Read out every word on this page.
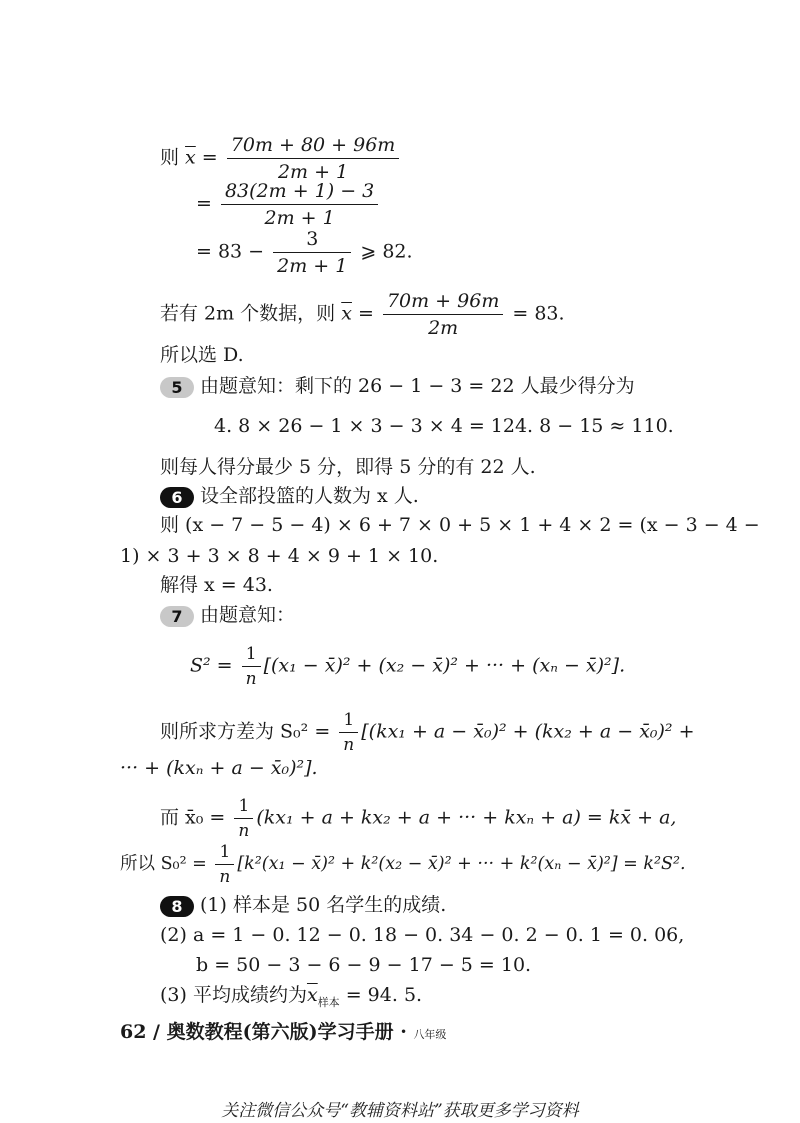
则 $\overline{x} = \frac{70m + 80 + 96m}{2m + 1}$
= $\frac{83(2m + 1) - 3}{2m + 1}$
= $83 - \frac{3}{2m + 1}$ ⩾ 82.
若有 2m 个数据，则 $\overline{x} = \frac{70m + 96m}{2m} = 83$.
所以选 D.
5 由题意知：剩下的 26 − 1 − 3 = 22 人最少得分为
4. 8 × 26 − 1 × 3 − 3 × 4 = 124. 8 − 15 ≈ 110.
则每人得分最少 5 分，即得 5 分的有 22 人.
6 设全部投篮的人数为 x 人.
则 (x − 7 − 5 − 4) × 6 + 7 × 0 + 5 × 1 + 4 × 2 = (x − 3 − 4 −
1) × 3 + 3 × 8 + 4 × 9 + 1 × 10.
解得 x = 43.
7 由题意知：
$S^2 = \frac{1}{n} [(x_1$ − x̄)² + (x₂ − x̄)² + ··· + (xₙ − x̄)²].
则所求方差为 $S_0^2 = \frac{1}{n} [(kx_1 + a$ − x̄₀)² + (kx₂ + a − x̄₀)² +
··· + (kxₙ + a − x̄₀)²].
而 x̄₀ = $\frac{1}{n} (kx_1 + a + kx_2 + a$ + ··· + kxₙ + a) = kx̄ + a,
所以 $S_0^2 = \frac{1}{n} [k^2(x_1$ − x̄)² + k²(x₂ − x̄)² + ··· + k²(xₙ − x̄)²] = k²S².
8 (1) 样本是 50 名学生的成绩.
(2) a = 1 − 0. 12 − 0. 18 − 0. 34 − 0. 2 − 0. 1 = 0. 06,
b = 50 − 3 − 6 − 9 − 17 − 5 = 10.
(3) 平均成绩约为$\overline{x}_{样本} = 94$. 5.
62 / 奥数教程(第六版)学习手册 · 八年级
关注微信公众号“教辅资料站”获取更多学习资料
